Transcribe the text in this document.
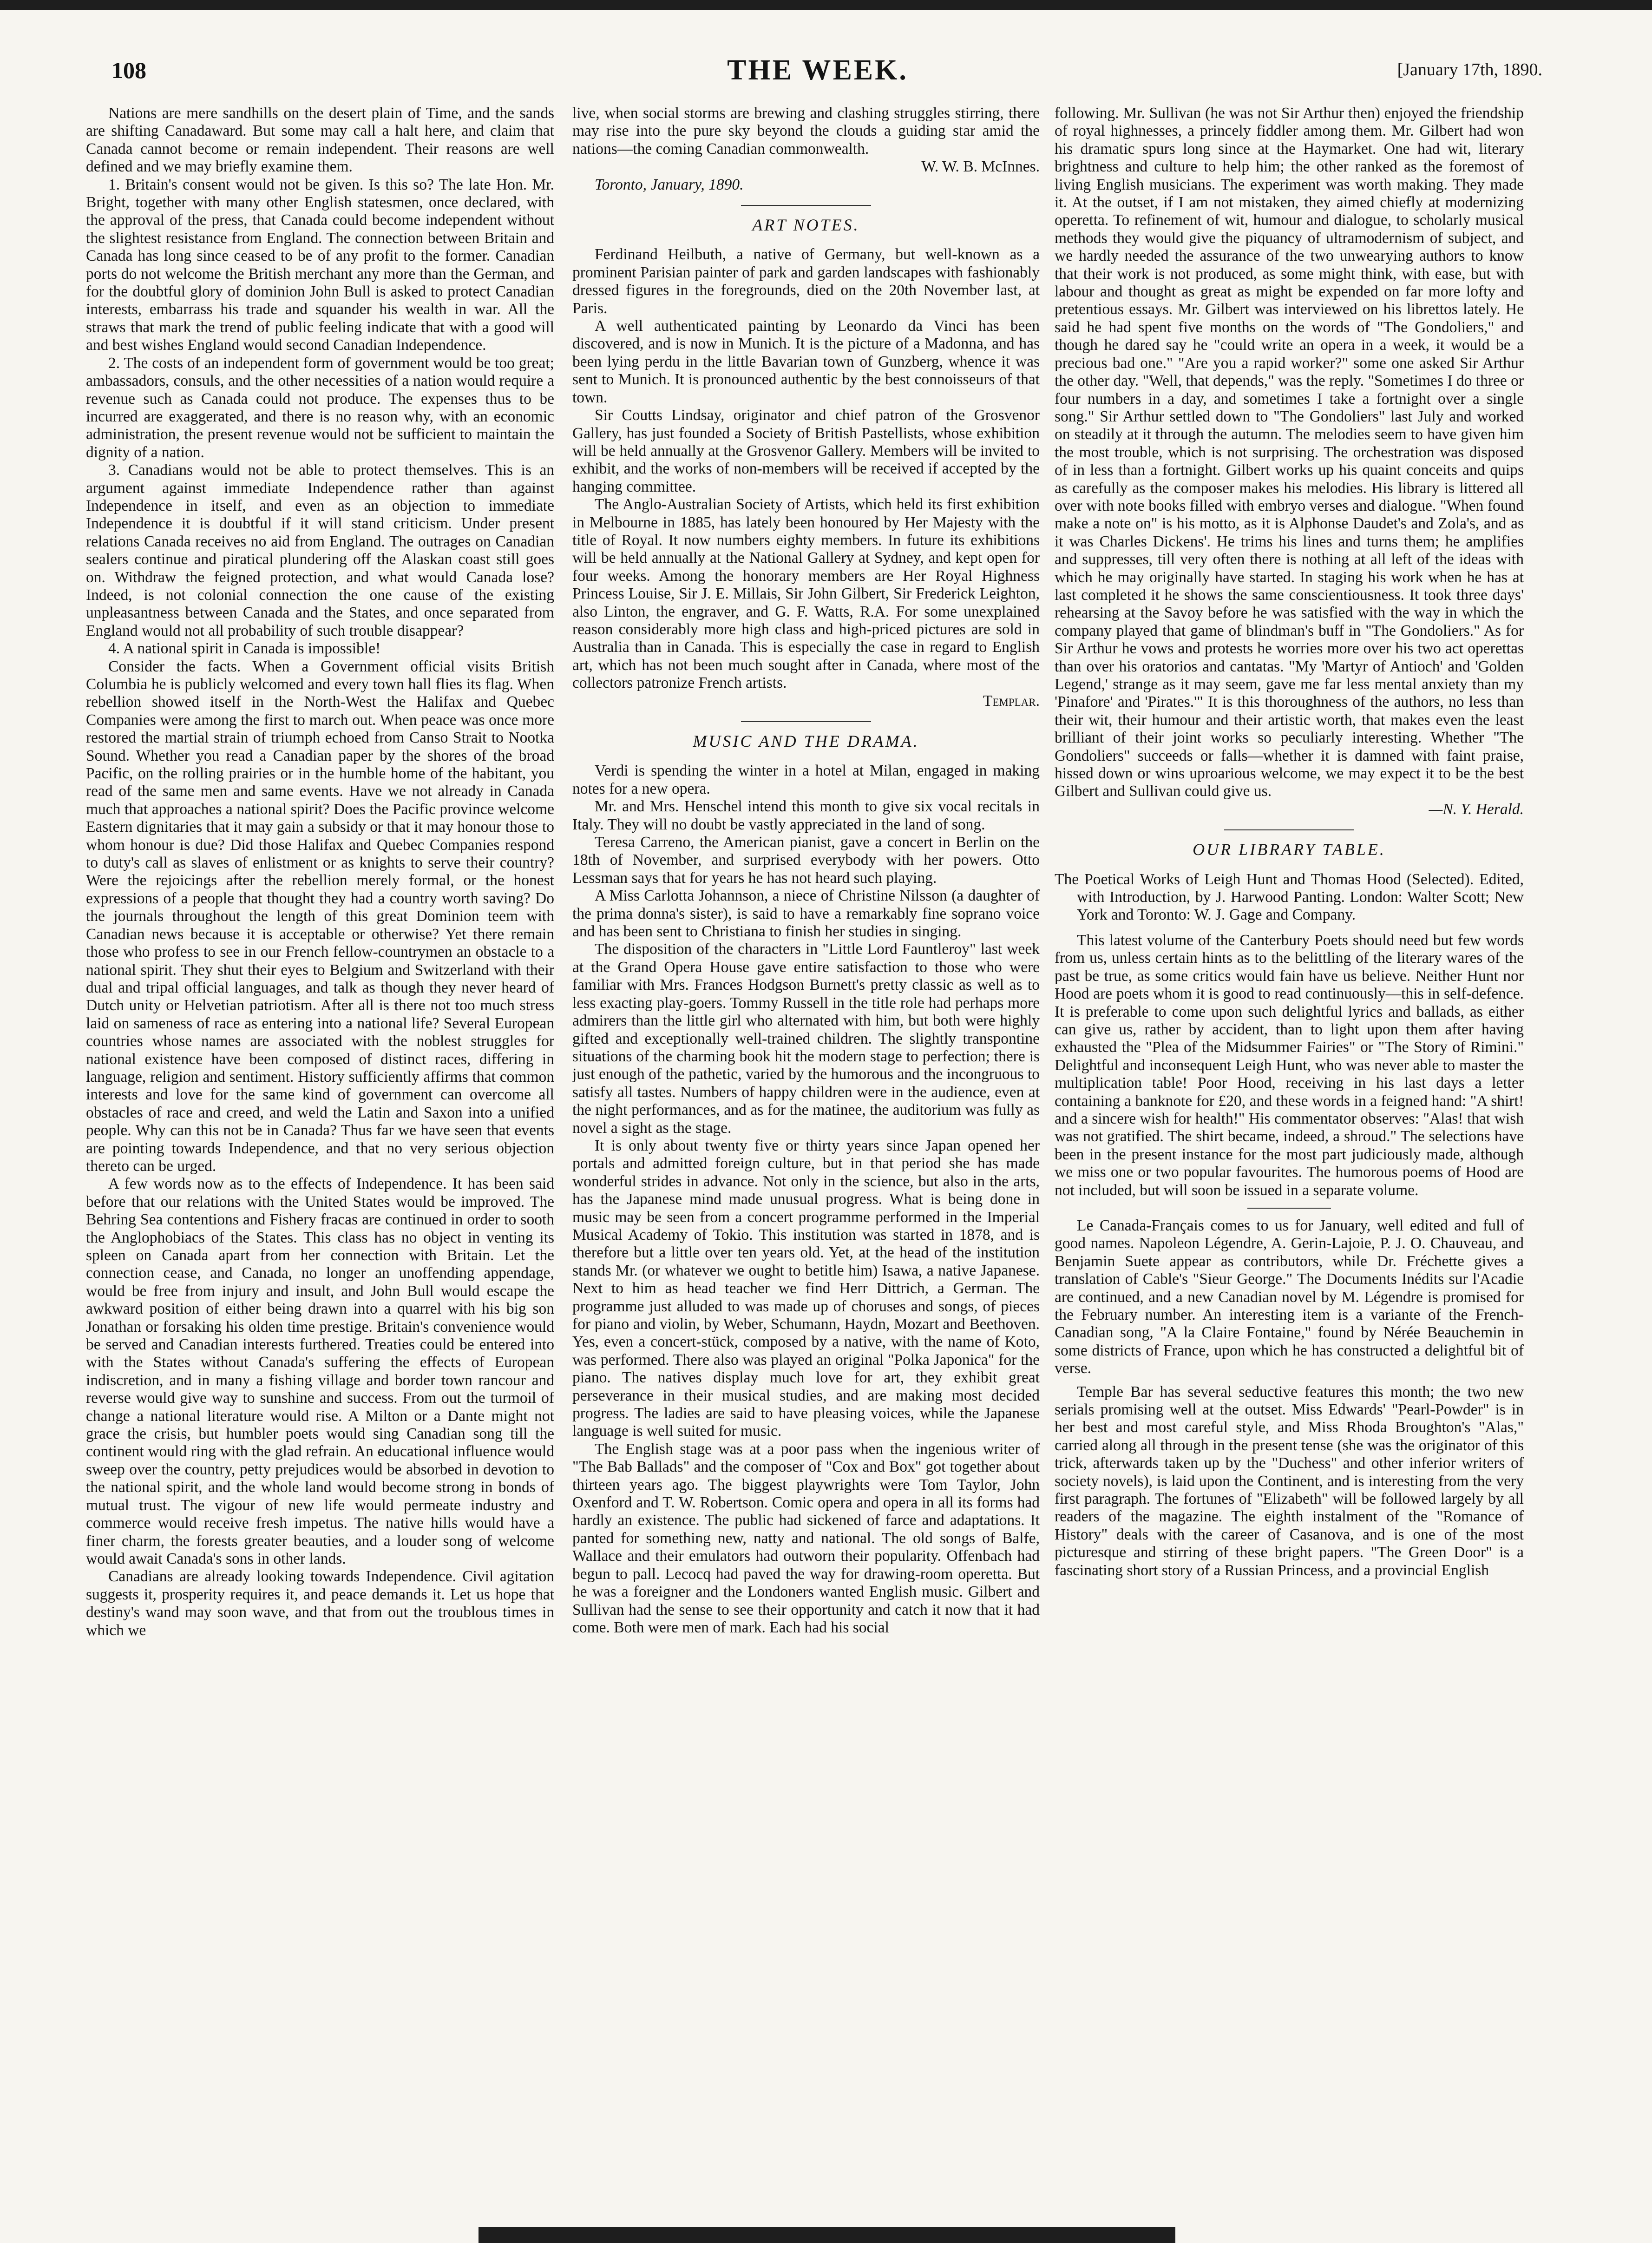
108	THE WEEK.	[January 17th, 1890.

Nations are mere sandhills on the desert plain of Time, and the sands are shifting Canadaward. But some may call a halt here, and claim that Canada cannot become or remain independent. Their reasons are well defined and we may briefly examine them.

1. Britain's consent would not be given. Is this so? The late Hon. Mr. Bright, together with many other English statesmen, once declared, with the approval of the press, that Canada could become independent without the slightest resistance from England. The connection between Britain and Canada has long since ceased to be of any profit to the former. Canadian ports do not welcome the British merchant any more than the German, and for the doubtful glory of dominion John Bull is asked to protect Canadian interests, embarrass his trade and squander his wealth in war. All the straws that mark the trend of public feeling indicate that with a good will and best wishes England would second Canadian Independence.

2. The costs of an independent form of government would be too great; ambassadors, consuls, and the other necessities of a nation would require a revenue such as Canada could not produce. The expenses thus to be incurred are exaggerated, and there is no reason why, with an economic administration, the present revenue would not be sufficient to maintain the dignity of a nation.

3. Canadians would not be able to protect themselves. This is an argument against immediate Independence rather than against Independence in itself, and even as an objection to immediate Independence it is doubtful if it will stand criticism. Under present relations Canada receives no aid from England. The outrages on Canadian sealers continue and piratical plundering off the Alaskan coast still goes on. Withdraw the feigned protection, and what would Canada lose? Indeed, is not colonial connection the one cause of the existing unpleasantness between Canada and the States, and once separated from England would not all probability of such trouble disappear?

4. A national spirit in Canada is impossible!

Consider the facts. When a Government official visits British Columbia he is publicly welcomed and every town hall flies its flag. When rebellion showed itself in the North-West the Halifax and Quebec Companies were among the first to march out. When peace was once more restored the martial strain of triumph echoed from Canso Strait to Nootka Sound. Whether you read a Canadian paper by the shores of the broad Pacific, on the rolling prairies or in the humble home of the habitant, you read of the same men and same events. Have we not already in Canada much that approaches a national spirit? Does the Pacific province welcome Eastern dignitaries that it may gain a subsidy or that it may honour those to whom honour is due? Did those Halifax and Quebec Companies respond to duty's call as slaves of enlistment or as knights to serve their country? Were the rejoicings after the rebellion merely formal, or the honest expressions of a people that thought they had a country worth saving? Do the journals throughout the length of this great Dominion teem with Canadian news because it is acceptable or otherwise? Yet there remain those who profess to see in our French fellow-countrymen an obstacle to a national spirit. They shut their eyes to Belgium and Switzerland with their dual and tripal official languages, and talk as though they never heard of Dutch unity or Helvetian patriotism. After all is there not too much stress laid on sameness of race as entering into a national life? Several European countries whose names are associated with the noblest struggles for national existence have been composed of distinct races, differing in language, religion and sentiment. History sufficiently affirms that common interests and love for the same kind of government can overcome all obstacles of race and creed, and weld the Latin and Saxon into a unified people. Why can this not be in Canada? Thus far we have seen that events are pointing towards Independence, and that no very serious objection thereto can be urged.

A few words now as to the effects of Independence. It has been said before that our relations with the United States would be improved. The Behring Sea contentions and Fishery fracas are continued in order to sooth the Anglophobiacs of the States. This class has no object in venting its spleen on Canada apart from her connection with Britain. Let the connection cease, and Canada, no longer an unoffending appendage, would be free from injury and insult, and John Bull would escape the awkward position of either being drawn into a quarrel with his big son Jonathan or forsaking his olden time prestige. Britain's convenience would be served and Canadian interests furthered. Treaties could be entered into with the States without Canada's suffering the effects of European indiscretion, and in many a fishing village and border town rancour and reverse would give way to sunshine and success. From out the turmoil of change a national literature would rise. A Milton or a Dante might not grace the crisis, but humbler poets would sing Canadian song till the continent would ring with the glad refrain. An educational influence would sweep over the country, petty prejudices would be absorbed in devotion to the national spirit, and the whole land would become strong in bonds of mutual trust. The vigour of new life would permeate industry and commerce would receive fresh impetus. The native hills would have a finer charm, the forests greater beauties, and a louder song of welcome would await Canada's sons in other lands.

Canadians are already looking towards Independence. Civil agitation suggests it, prosperity requires it, and peace demands it. Let us hope that destiny's wand may soon wave, and that from out the troublous times in which we

live, when social storms are brewing and clashing struggles stirring, there may rise into the pure sky beyond the clouds a guiding star amid the nations—the coming Canadian commonwealth.

W. W. B. McInnes.

Toronto, January, 1890.

ART NOTES.

Ferdinand Heilbuth, a native of Germany, but well-known as a prominent Parisian painter of park and garden landscapes with fashionably dressed figures in the foregrounds, died on the 20th November last, at Paris.

A well authenticated painting by Leonardo da Vinci has been discovered, and is now in Munich. It is the picture of a Madonna, and has been lying perdu in the little Bavarian town of Gunzberg, whence it was sent to Munich. It is pronounced authentic by the best connoisseurs of that town.

Sir Coutts Lindsay, originator and chief patron of the Grosvenor Gallery, has just founded a Society of British Pastellists, whose exhibition will be held annually at the Grosvenor Gallery. Members will be invited to exhibit, and the works of non-members will be received if accepted by the hanging committee.

The Anglo-Australian Society of Artists, which held its first exhibition in Melbourne in 1885, has lately been honoured by Her Majesty with the title of Royal. It now numbers eighty members. In future its exhibitions will be held annually at the National Gallery at Sydney, and kept open for four weeks. Among the honorary members are Her Royal Highness Princess Louise, Sir J. E. Millais, Sir John Gilbert, Sir Frederick Leighton, also Linton, the engraver, and G. F. Watts, R.A. For some unexplained reason considerably more high class and high-priced pictures are sold in Australia than in Canada. This is especially the case in regard to English art, which has not been much sought after in Canada, where most of the collectors patronize French artists.

Templar.

MUSIC AND THE DRAMA.

Verdi is spending the winter in a hotel at Milan, engaged in making notes for a new opera.

Mr. and Mrs. Henschel intend this month to give six vocal recitals in Italy. They will no doubt be vastly appreciated in the land of song.

Teresa Carreno, the American pianist, gave a concert in Berlin on the 18th of November, and surprised everybody with her powers. Otto Lessman says that for years he has not heard such playing.

A Miss Carlotta Johannson, a niece of Christine Nilsson (a daughter of the prima donna's sister), is said to have a remarkably fine soprano voice and has been sent to Christiana to finish her studies in singing.

The disposition of the characters in "Little Lord Fauntleroy" last week at the Grand Opera House gave entire satisfaction to those who were familiar with Mrs. Frances Hodgson Burnett's pretty classic as well as to less exacting play-goers. Tommy Russell in the title role had perhaps more admirers than the little girl who alternated with him, but both were highly gifted and exceptionally well-trained children. The slightly transpontine situations of the charming book hit the modern stage to perfection; there is just enough of the pathetic, varied by the humorous and the incongruous to satisfy all tastes. Numbers of happy children were in the audience, even at the night performances, and as for the matinee, the auditorium was fully as novel a sight as the stage.

It is only about twenty five or thirty years since Japan opened her portals and admitted foreign culture, but in that period she has made wonderful strides in advance. Not only in the science, but also in the arts, has the Japanese mind made unusual progress. What is being done in music may be seen from a concert programme performed in the Imperial Musical Academy of Tokio. This institution was started in 1878, and is therefore but a little over ten years old. Yet, at the head of the institution stands Mr. (or whatever we ought to betitle him) Isawa, a native Japanese. Next to him as head teacher we find Herr Dittrich, a German. The programme just alluded to was made up of choruses and songs, of pieces for piano and violin, by Weber, Schumann, Haydn, Mozart and Beethoven. Yes, even a concert-stück, composed by a native, with the name of Koto, was performed. There also was played an original "Polka Japonica" for the piano. The natives display much love for art, they exhibit great perseverance in their musical studies, and are making most decided progress. The ladies are said to have pleasing voices, while the Japanese language is well suited for music.

The English stage was at a poor pass when the ingenious writer of "The Bab Ballads" and the composer of "Cox and Box" got together about thirteen years ago. The biggest playwrights were Tom Taylor, John Oxenford and T. W. Robertson. Comic opera and opera in all its forms had hardly an existence. The public had sickened of farce and adaptations. It panted for something new, natty and national. The old songs of Balfe, Wallace and their emulators had outworn their popularity. Offenbach had begun to pall. Lecocq had paved the way for drawing-room operetta. But he was a foreigner and the Londoners wanted English music. Gilbert and Sullivan had the sense to see their opportunity and catch it now that it had come. Both were men of mark. Each had his social

following. Mr. Sullivan (he was not Sir Arthur then) enjoyed the friendship of royal highnesses, a princely fiddler among them. Mr. Gilbert had won his dramatic spurs long since at the Haymarket. One had wit, literary brightness and culture to help him; the other ranked as the foremost of living English musicians. The experiment was worth making. They made it. At the outset, if I am not mistaken, they aimed chiefly at modernizing operetta. To refinement of wit, humour and dialogue, to scholarly musical methods they would give the piquancy of ultramodernism of subject, and we hardly needed the assurance of the two unwearying authors to know that their work is not produced, as some might think, with ease, but with labour and thought as great as might be expended on far more lofty and pretentious essays. Mr. Gilbert was interviewed on his librettos lately. He said he had spent five months on the words of "The Gondoliers," and though he dared say he "could write an opera in a week, it would be a precious bad one." "Are you a rapid worker?" some one asked Sir Arthur the other day. "Well, that depends," was the reply. "Sometimes I do three or four numbers in a day, and sometimes I take a fortnight over a single song." Sir Arthur settled down to "The Gondoliers" last July and worked on steadily at it through the autumn. The melodies seem to have given him the most trouble, which is not surprising. The orchestration was disposed of in less than a fortnight. Gilbert works up his quaint conceits and quips as carefully as the composer makes his melodies. His library is littered all over with note books filled with embryo verses and dialogue. "When found make a note on" is his motto, as it is Alphonse Daudet's and Zola's, and as it was Charles Dickens'. He trims his lines and turns them; he amplifies and suppresses, till very often there is nothing at all left of the ideas with which he may originally have started. In staging his work when he has at last completed it he shows the same conscientiousness. It took three days' rehearsing at the Savoy before he was satisfied with the way in which the company played that game of blindman's buff in "The Gondoliers." As for Sir Arthur he vows and protests he worries more over his two act operettas than over his oratorios and cantatas. "My 'Martyr of Antioch' and 'Golden Legend,' strange as it may seem, gave me far less mental anxiety than my 'Pinafore' and 'Pirates.'" It is this thoroughness of the authors, no less than their wit, their humour and their artistic worth, that makes even the least brilliant of their joint works so peculiarly interesting. Whether "The Gondoliers" succeeds or falls—whether it is damned with faint praise, hissed down or wins uproarious welcome, we may expect it to be the best Gilbert and Sullivan could give us.

—N. Y. Herald.

OUR LIBRARY TABLE.

The Poetical Works of Leigh Hunt and Thomas Hood (Selected). Edited, with Introduction, by J. Harwood Panting. London: Walter Scott; New York and Toronto: W. J. Gage and Company.

This latest volume of the Canterbury Poets should need but few words from us, unless certain hints as to the belittling of the literary wares of the past be true, as some critics would fain have us believe. Neither Hunt nor Hood are poets whom it is good to read continuously—this in self-defence. It is preferable to come upon such delightful lyrics and ballads, as either can give us, rather by accident, than to light upon them after having exhausted the "Plea of the Midsummer Fairies" or "The Story of Rimini." Delightful and inconsequent Leigh Hunt, who was never able to master the multiplication table! Poor Hood, receiving in his last days a letter containing a banknote for £20, and these words in a feigned hand: "A shirt! and a sincere wish for health!" His commentator observes: "Alas! that wish was not gratified. The shirt became, indeed, a shroud." The selections have been in the present instance for the most part judiciously made, although we miss one or two popular favourites. The humorous poems of Hood are not included, but will soon be issued in a separate volume.

Le Canada-Français comes to us for January, well edited and full of good names. Napoleon Légendre, A. Gerin-Lajoie, P. J. O. Chauveau, and Benjamin Suete appear as contributors, while Dr. Fréchette gives a translation of Cable's "Sieur George." The Documents Inédits sur l'Acadie are continued, and a new Canadian novel by M. Légendre is promised for the February number. An interesting item is a variante of the French-Canadian song, "A la Claire Fontaine," found by Nérée Beauchemin in some districts of France, upon which he has constructed a delightful bit of verse.

Temple Bar has several seductive features this month; the two new serials promising well at the outset. Miss Edwards' "Pearl-Powder" is in her best and most careful style, and Miss Rhoda Broughton's "Alas," carried along all through in the present tense (she was the originator of this trick, afterwards taken up by the "Duchess" and other inferior writers of society novels), is laid upon the Continent, and is interesting from the very first paragraph. The fortunes of "Elizabeth" will be followed largely by all readers of the magazine. The eighth instalment of the "Romance of History" deals with the career of Casanova, and is one of the most picturesque and stirring of these bright papers. "The Green Door" is a fascinating short story of a Russian Princess, and a provincial English
